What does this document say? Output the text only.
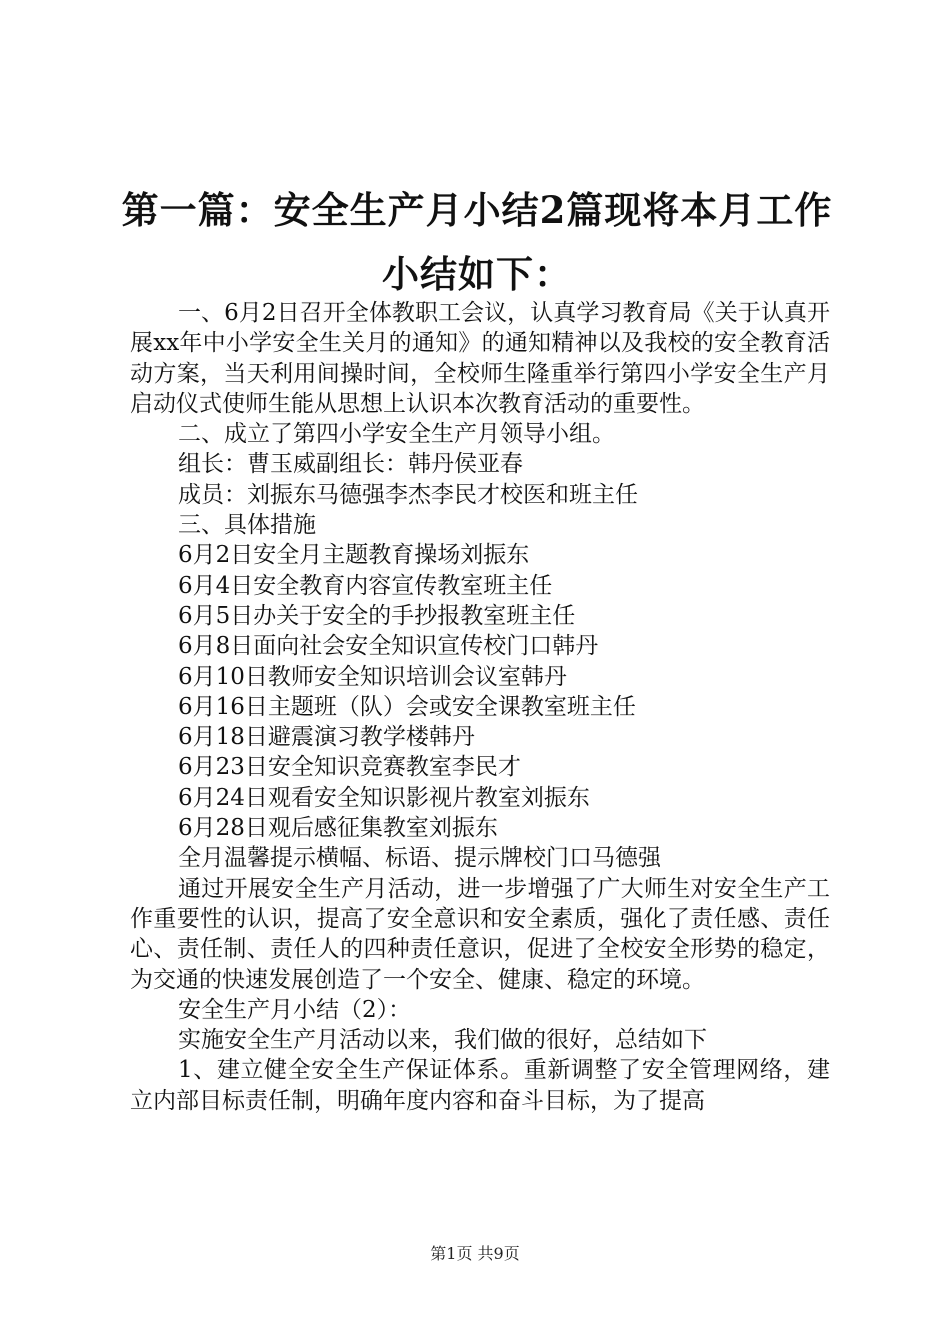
第一篇：安全生产月小结2篇现将本月工作小结如下：

一、6月2日召开全体教职工会议，认真学习教育局《关于认真开展xx年中小学安全生关月的通知》的通知精神以及我校的安全教育活动方案，当天利用间操时间，全校师生隆重举行第四小学安全生产月启动仪式使师生能从思想上认识本次教育活动的重要性。

二、成立了第四小学安全生产月领导小组。

组长：曹玉威副组长：韩丹侯亚春

成员：刘振东马德强李杰李民才校医和班主任

三、具体措施

6月2日安全月主题教育操场刘振东

6月4日安全教育内容宣传教室班主任

6月5日办关于安全的手抄报教室班主任

6月8日面向社会安全知识宣传校门口韩丹

6月10日教师安全知识培训会议室韩丹

6月16日主题班（队）会或安全课教室班主任

6月18日避震演习教学楼韩丹

6月23日安全知识竞赛教室李民才

6月24日观看安全知识影视片教室刘振东

6月28日观后感征集教室刘振东

全月温馨提示横幅、标语、提示牌校门口马德强

通过开展安全生产月活动，进一步增强了广大师生对安全生产工作重要性的认识，提高了安全意识和安全素质，强化了责任感、责任心、责任制、责任人的四种责任意识，促进了全校安全形势的稳定，为交通的快速发展创造了一个安全、健康、稳定的环境。

安全生产月小结（2）：

实施安全生产月活动以来，我们做的很好，总结如下

1、建立健全安全生产保证体系。重新调整了安全管理网络，建立内部目标责任制，明确年度内容和奋斗目标，为了提高

第1页 共9页
